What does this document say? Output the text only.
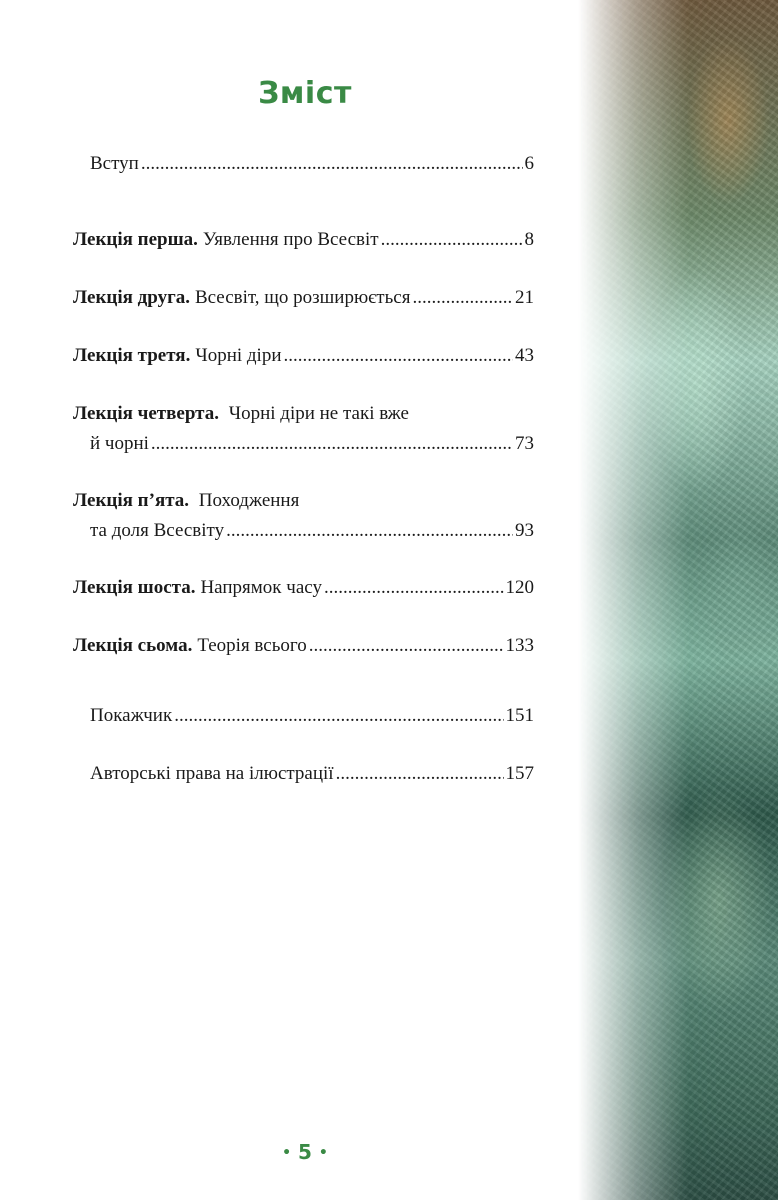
Зміст
Вступ .....	6
Лекція перша. Уявлення про Всесвіт .....	8
Лекція друга. Всесвіт, що розширюється .....	21
Лекція третя. Чорні діри .....	43
Лекція четверта. Чорні діри не такі вже
й чорні .....	73
Лекція п’ята. Походження
та доля Всесвіту .....	93
Лекція шоста. Напрямок часу .....	120
Лекція сьома. Теорія всього .....	133
Покажчик .....	151
Авторські права на ілюстрації .....	157
• 5 •
